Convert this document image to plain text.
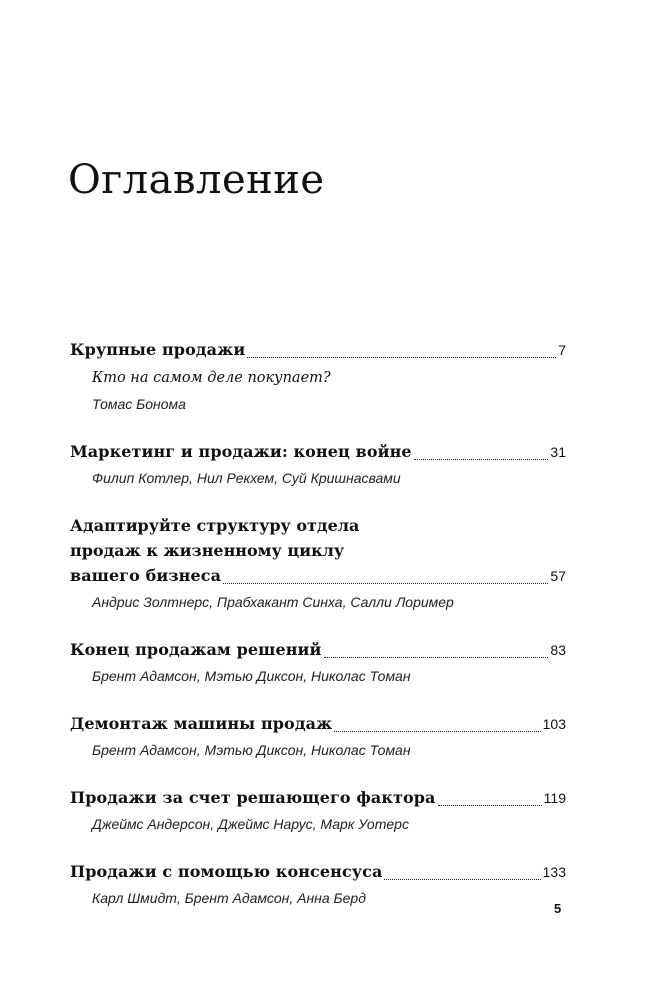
Оглавление
Крупные продажи	7
Кто на самом деле покупает?
Томас Бонома
Маркетинг и продажи: конец войне	31
Филип Котлер, Нил Рекхем, Суй Кришнасвами
Адаптируйте структуру отдела
продаж к жизненному циклу
вашего бизнеса	57
Андрис Золтнерс, Прабхакант Синха, Салли Лоример
Конец продажам решений	83
Брент Адамсон, Мэтью Диксон, Николас Томан
Демонтаж машины продаж	103
Брент Адамсон, Мэтью Диксон, Николас Томан
Продажи за счет решающего фактора	119
Джеймс Андерсон, Джеймс Нарус, Марк Уотерс
Продажи с помощью консенсуса	133
Карл Шмидт, Брент Адамсон, Анна Берд
5
